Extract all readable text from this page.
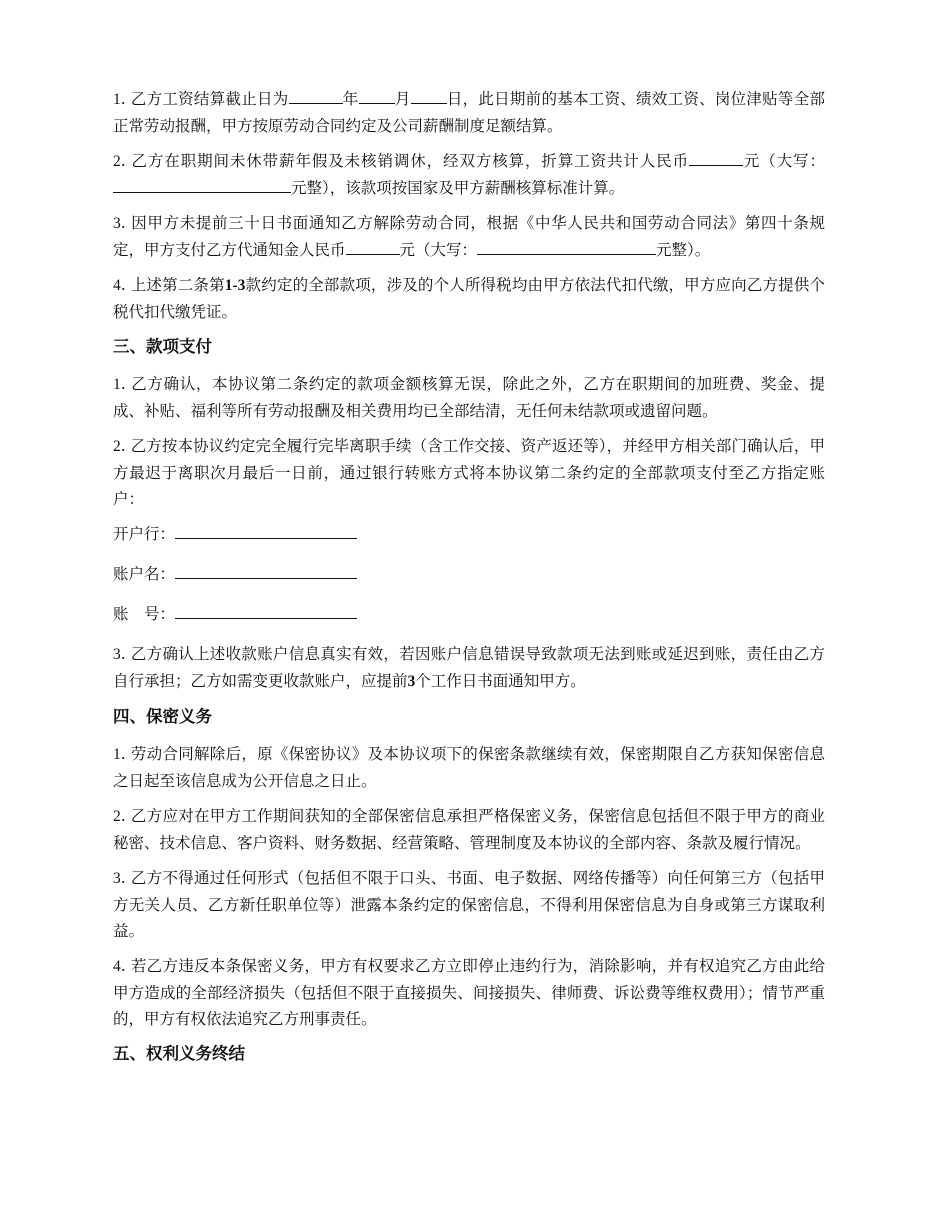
1. 乙方工资结算截止日为	年 月 日，此日期前的基本工资、绩效工资、岗位津贴等全部正常劳动报酬，甲方按原劳动合同约定及公司薪酬制度足额结算。

2. 乙方在职期间未休带薪年假及未核销调休，经双方核算，折算工资共计人民币	元（大写：元整），该款项按国家及甲方薪酬核算标准计算。

3. 因甲方未提前三十日书面通知乙方解除劳动合同，根据《中华人民共和国劳动合同法》第四十条规定，甲方支付乙方代通知金人民币	元（大写：	元整）。

4. 上述第二条第1-3款约定的全部款项，涉及的个人所得税均由甲方依法代扣代缴，甲方应向乙方提供个税代扣代缴凭证。

三、款项支付

1. 乙方确认，本协议第二条约定的款项金额核算无误，除此之外，乙方在职期间的加班费、奖金、提成、补贴、福利等所有劳动报酬及相关费用均已全部结清，无任何未结款项或遗留问题。

2. 乙方按本协议约定完全履行完毕离职手续（含工作交接、资产返还等），并经甲方相关部门确认后，甲方最迟于离职次月最后一日前，通过银行转账方式将本协议第二条约定的全部款项支付至乙方指定账户：

开户行：

账户名：

账　号：

3. 乙方确认上述收款账户信息真实有效，若因账户信息错误导致款项无法到账或延迟到账，责任由乙方自行承担；乙方如需变更收款账户，应提前3个工作日书面通知甲方。

四、保密义务

1. 劳动合同解除后，原《保密协议》及本协议项下的保密条款继续有效，保密期限自乙方获知保密信息之日起至该信息成为公开信息之日止。

2. 乙方应对在甲方工作期间获知的全部保密信息承担严格保密义务，保密信息包括但不限于甲方的商业秘密、技术信息、客户资料、财务数据、经营策略、管理制度及本协议的全部内容、条款及履行情况。

3. 乙方不得通过任何形式（包括但不限于口头、书面、电子数据、网络传播等）向任何第三方（包括甲方无关人员、乙方新任职单位等）泄露本条约定的保密信息，不得利用保密信息为自身或第三方谋取利益。

4. 若乙方违反本条保密义务，甲方有权要求乙方立即停止违约行为，消除影响，并有权追究乙方由此给甲方造成的全部经济损失（包括但不限于直接损失、间接损失、律师费、诉讼费等维权费用）；情节严重的，甲方有权依法追究乙方刑事责任。

五、权利义务终结
